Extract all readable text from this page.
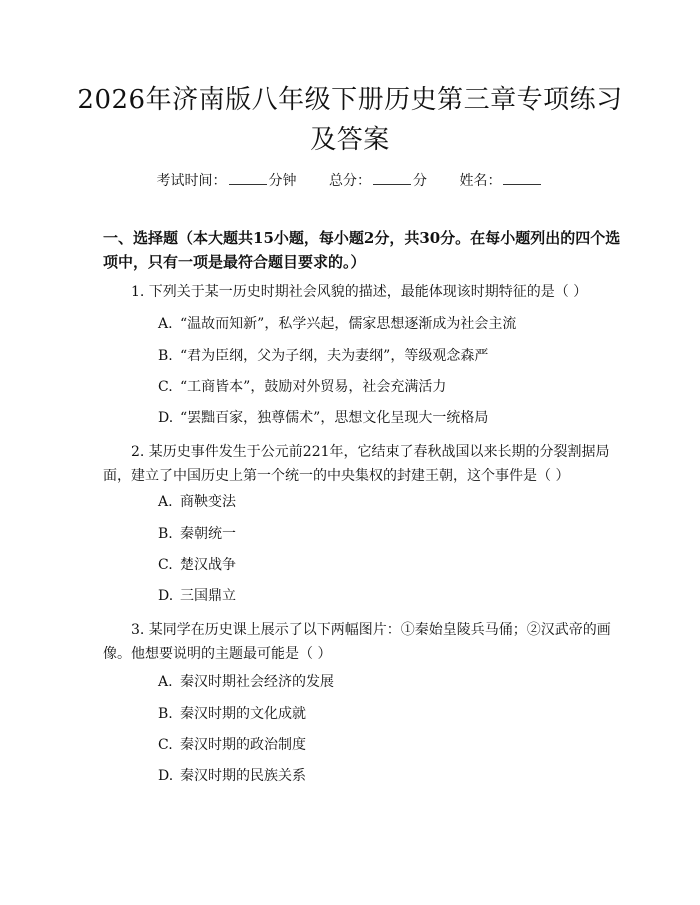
2026年济南版八年级下册历史第三章专项练习及答案
考试时间：	分钟 总分：	分 姓名：
一、选择题（本大题共15小题，每小题2分，共30分。在每小题列出的四个选项中，只有一项是最符合题目要求的。）
1. 下列关于某一历史时期社会风貌的描述，最能体现该时期特征的是（ ）
A. “温故而知新”，私学兴起，儒家思想逐渐成为社会主流
B. “君为臣纲，父为子纲，夫为妻纲”，等级观念森严
C. “工商皆本”，鼓励对外贸易，社会充满活力
D. “罢黜百家，独尊儒术”，思想文化呈现大一统格局
2. 某历史事件发生于公元前221年，它结束了春秋战国以来长期的分裂割据局面，建立了中国历史上第一个统一的中央集权的封建王朝，这个事件是（ ）
A. 商鞅变法
B. 秦朝统一
C. 楚汉战争
D. 三国鼎立
3. 某同学在历史课上展示了以下两幅图片：①秦始皇陵兵马俑；②汉武帝的画像。他想要说明的主题最可能是（ ）
A. 秦汉时期社会经济的发展
B. 秦汉时期的文化成就
C. 秦汉时期的政治制度
D. 秦汉时期的民族关系
